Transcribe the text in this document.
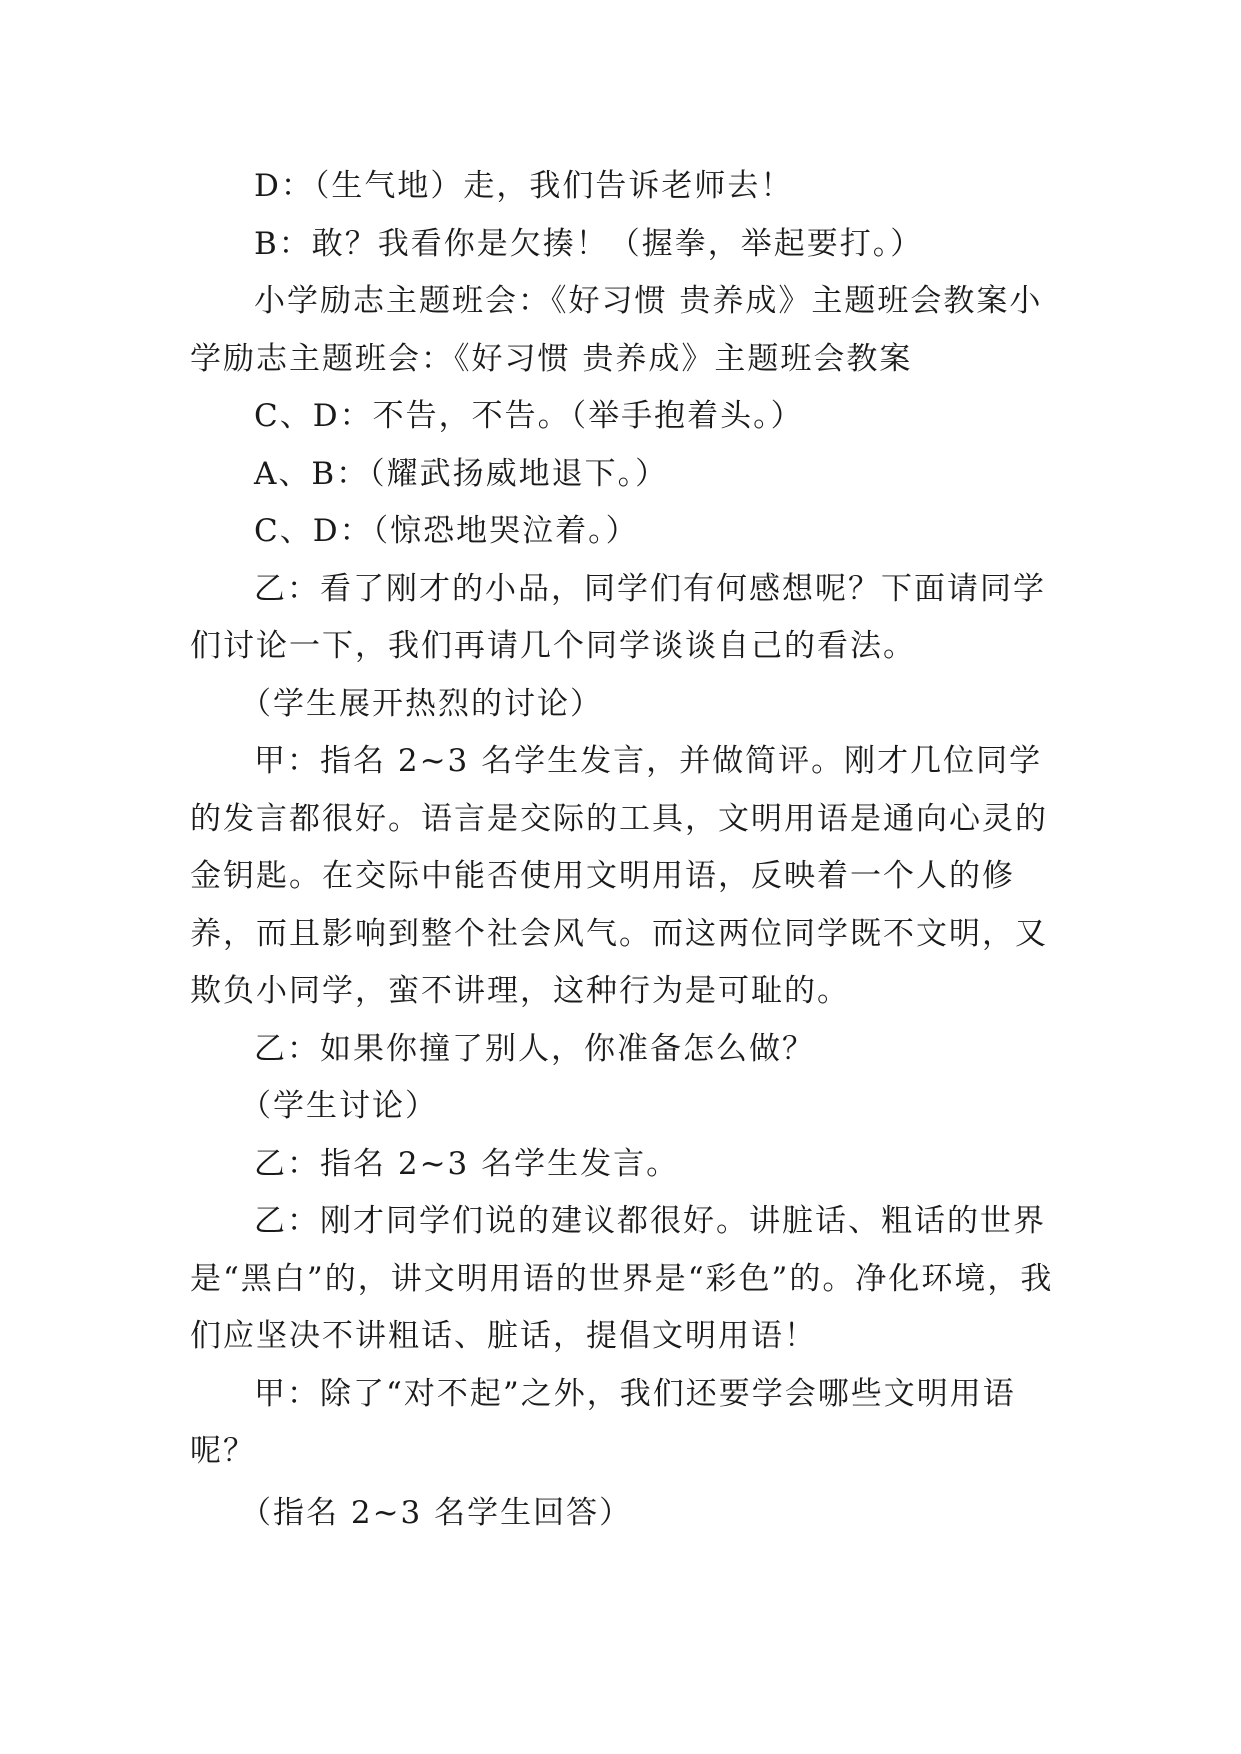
D：（生气地）走，我们告诉老师去！

B：敢？我看你是欠揍！（握拳，举起要打。）

小学励志主题班会：《好习惯 贵养成》主题班会教案小学励志主题班会：《好习惯 贵养成》主题班会教案

C、D：不告，不告。（举手抱着头。）

A、B：（耀武扬威地退下。）

C、D：（惊恐地哭泣着。）

乙：看了刚才的小品，同学们有何感想呢？下面请同学们讨论一下，我们再请几个同学谈谈自己的看法。

（学生展开热烈的讨论）

甲：指名 2~3 名学生发言，并做简评。刚才几位同学的发言都很好。语言是交际的工具，文明用语是通向心灵的金钥匙。在交际中能否使用文明用语，反映着一个人的修养，而且影响到整个社会风气。而这两位同学既不文明，又欺负小同学，蛮不讲理，这种行为是可耻的。

乙：如果你撞了别人，你准备怎么做？

（学生讨论）

乙：指名 2~3 名学生发言。

乙：刚才同学们说的建议都很好。讲脏话、粗话的世界是“黑白”的，讲文明用语的世界是“彩色”的。净化环境，我们应坚决不讲粗话、脏话，提倡文明用语！

甲：除了“对不起”之外，我们还要学会哪些文明用语呢？

（指名 2~3 名学生回答）
